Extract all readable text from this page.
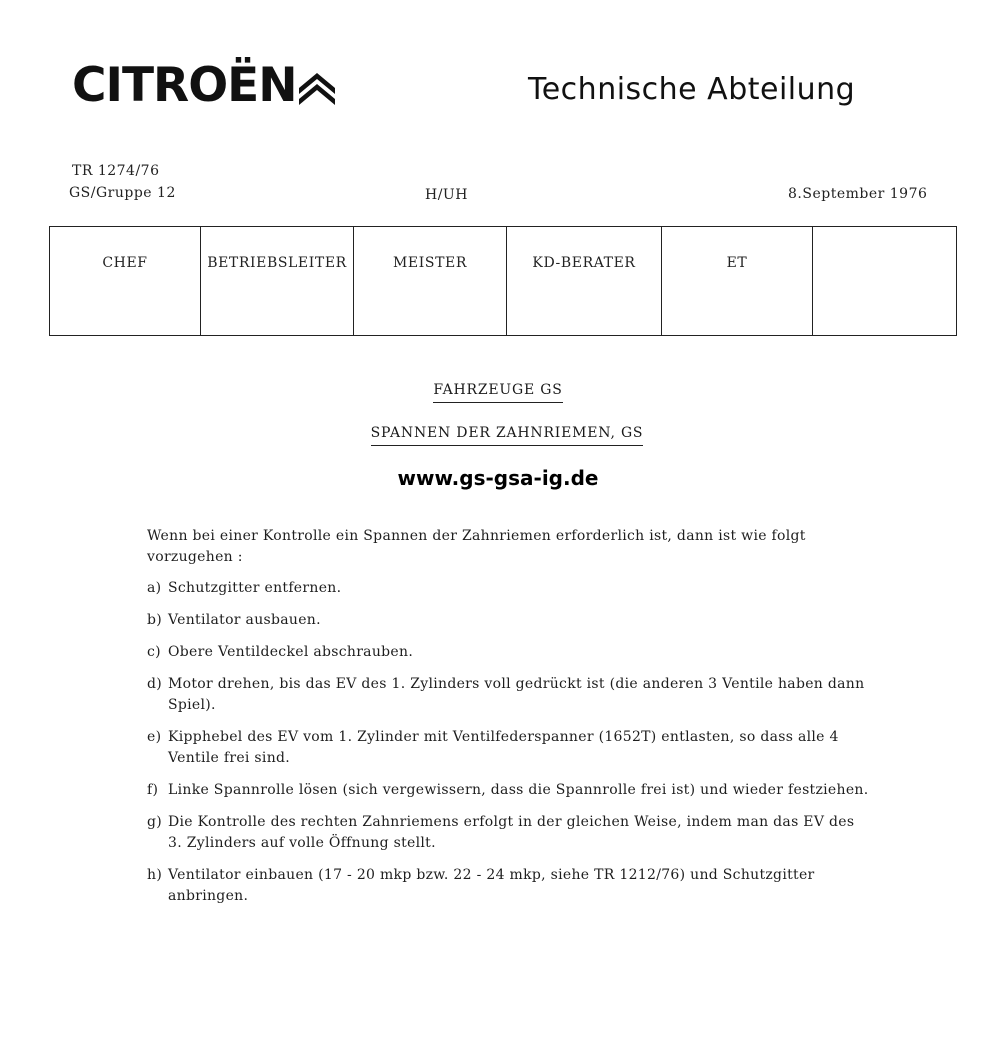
CITROËN	Technische Abteilung
TR 1274/76
GS/Gruppe 12	H/UH	8.September 1976
CHEF	BETRIEBSLEITER	MEISTER	KD-BERATER	ET	
FAHRZEUGE GS
SPANNEN DER ZAHNRIEMEN, GS
www.gs-gsa-ig.de
Wenn bei einer Kontrolle ein Spannen der Zahnriemen erforderlich ist, dann ist wie folgt vorzugehen :
a) Schutzgitter entfernen.
b) Ventilator ausbauen.
c) Obere Ventildeckel abschrauben.
d) Motor drehen, bis das EV des 1. Zylinders voll gedrückt ist (die anderen 3 Ventile haben dann Spiel).
e) Kipphebel des EV vom 1. Zylinder mit Ventilfederspanner (1652T) entlasten, so dass alle 4 Ventile frei sind.
f) Linke Spannrolle lösen (sich vergewissern, dass die Spannrolle frei ist) und wieder festziehen.
g) Die Kontrolle des rechten Zahnriemens erfolgt in der gleichen Weise, indem man das EV des 3. Zylinders auf volle Öffnung stellt.
h) Ventilator einbauen (17 - 20 mkp bzw. 22 - 24 mkp, siehe TR 1212/76) und Schutzgitter anbringen.
